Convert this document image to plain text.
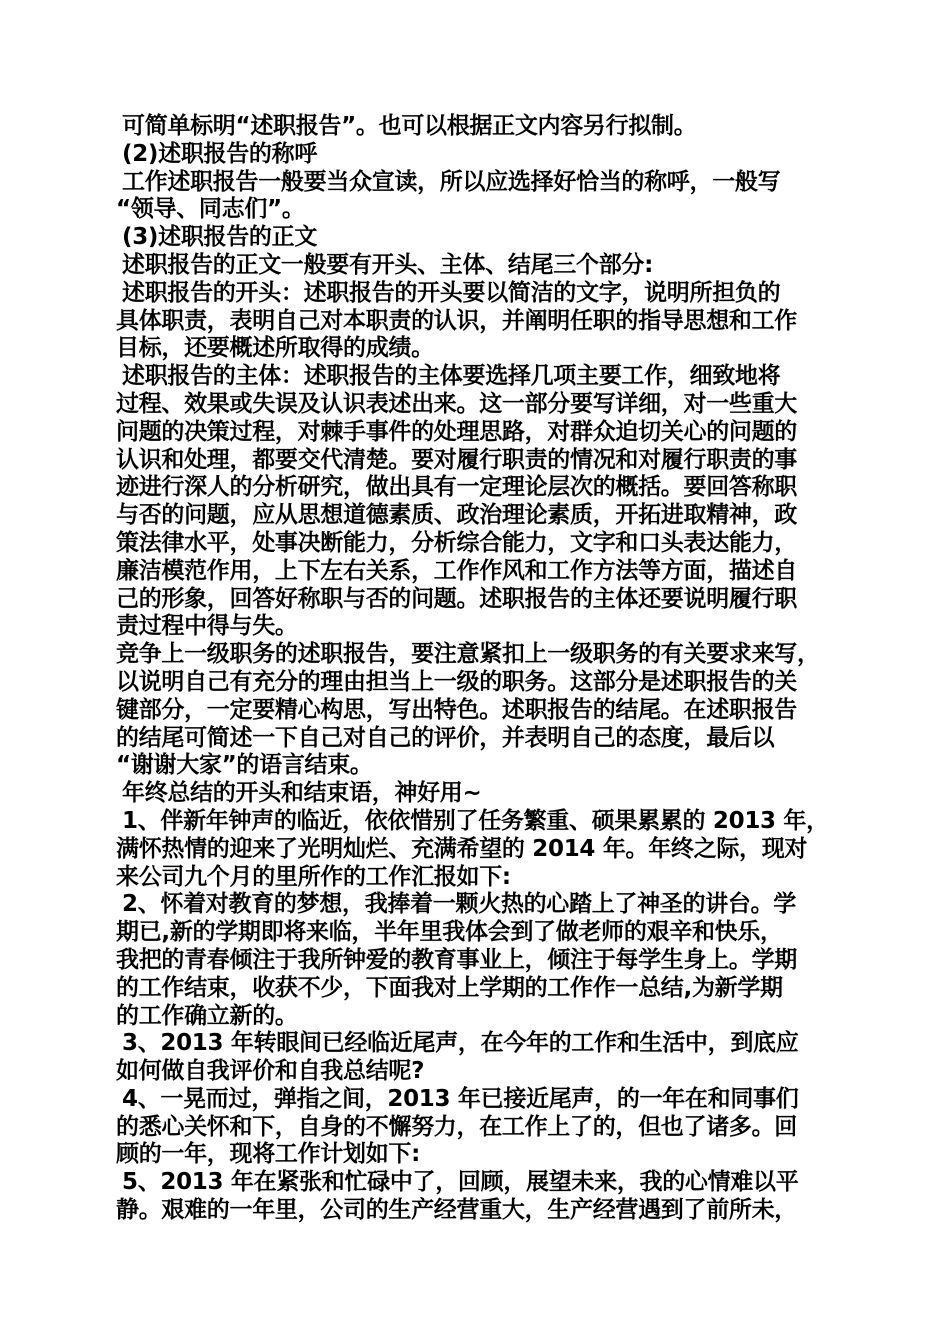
可简单标明“述职报告”。也可以根据正文内容另行拟制。
(2)述职报告的称呼
工作述职报告一般要当众宣读，所以应选择好恰当的称呼，一般写
“领导、同志们”。
(3)述职报告的正文
述职报告的正文一般要有开头、主体、结尾三个部分:
述职报告的开头：述职报告的开头要以简洁的文字，说明所担负的
具体职责，表明自己对本职责的认识，并阐明任职的指导思想和工作
目标，还要概述所取得的成绩。
述职报告的主体：述职报告的主体要选择几项主要工作，细致地将
过程、效果或失误及认识表述出来。这一部分要写详细，对一些重大
问题的决策过程，对棘手事件的处理思路，对群众迫切关心的问题的
认识和处理，都要交代清楚。要对履行职责的情况和对履行职责的事
迹进行深人的分析研究，做出具有一定理论层次的概括。要回答称职
与否的问题，应从思想道德素质、政治理论素质，开拓进取精神，政
策法律水平，处事决断能力，分析综合能力，文字和口头表达能力，
廉洁模范作用，上下左右关系，工作作风和工作方法等方面，描述自
己的形象，回答好称职与否的问题。述职报告的主体还要说明履行职
责过程中得与失。
竞争上一级职务的述职报告，要注意紧扣上一级职务的有关要求来写，
以说明自己有充分的理由担当上一级的职务。这部分是述职报告的关
键部分，一定要精心构思，写出特色。述职报告的结尾。在述职报告
的结尾可简述一下自己对自己的评价，并表明自己的态度，最后以
“谢谢大家”的语言结束。
年终总结的开头和结束语，神好用~
1、伴新年钟声的临近，依依惜别了任务繁重、硕果累累的 2013 年，
满怀热情的迎来了光明灿烂、充满希望的 2014 年。年终之际，现对
来公司九个月的里所作的工作汇报如下:
2、怀着对教育的梦想，我捧着一颗火热的心踏上了神圣的讲台。学
期已,新的学期即将来临，半年里我体会到了做老师的艰辛和快乐，
我把的青春倾注于我所钟爱的教育事业上，倾注于每学生身上。学期
的工作结束，收获不少，下面我对上学期的工作作一总结,为新学期
的工作确立新的。
3、2013 年转眼间已经临近尾声，在今年的工作和生活中，到底应
如何做自我评价和自我总结呢?
4、一晃而过，弹指之间，2013 年已接近尾声，的一年在和同事们
的悉心关怀和下，自身的不懈努力，在工作上了的，但也了诸多。回
顾的一年，现将工作计划如下:
5、2013 年在紧张和忙碌中了，回顾，展望未来，我的心情难以平
静。艰难的一年里，公司的生产经营重大，生产经营遇到了前所未，
